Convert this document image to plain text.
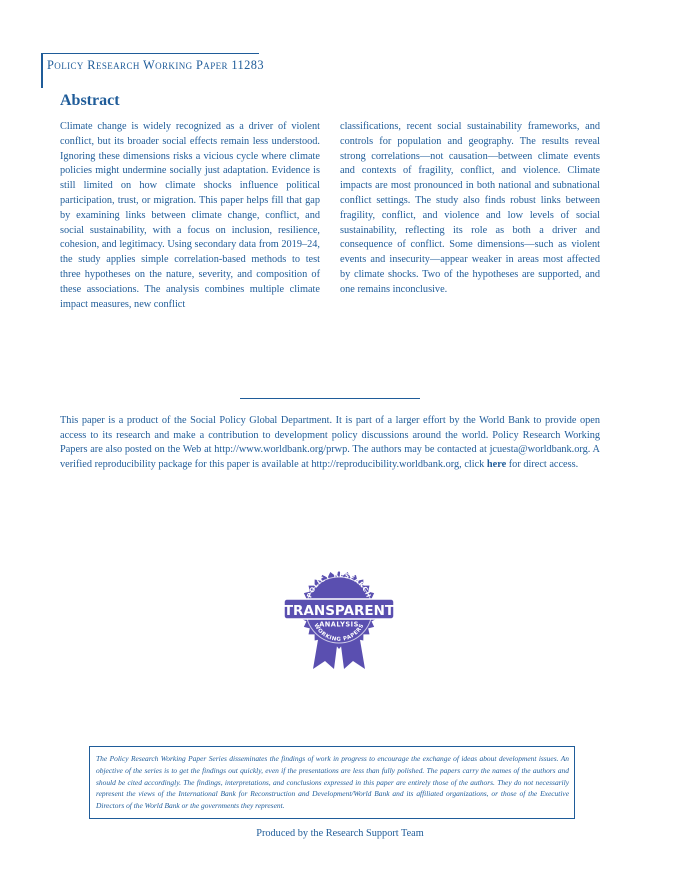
Policy Research Working Paper 11283
Abstract
Climate change is widely recognized as a driver of violent conflict, but its broader social effects remain less understood. Ignoring these dimensions risks a vicious cycle where climate policies might undermine socially just adaptation. Evidence is still limited on how climate shocks influence political participation, trust, or migration. This paper helps fill that gap by examining links between climate change, conflict, and social sustainability, with a focus on inclusion, resilience, cohesion, and legitimacy. Using secondary data from 2019–24, the study applies simple correlation-based methods to test three hypotheses on the nature, severity, and composition of these associations. The analysis combines multiple climate impact measures, new conflict
classifications, recent social sustainability frameworks, and controls for population and geography. The results reveal strong correlations—not causation—between climate events and contexts of fragility, conflict, and violence. Climate impacts are most pronounced in both national and subnational conflict settings. The study also finds robust links between fragility, conflict, and violence and low levels of social sustainability, reflecting its role as both a driver and consequence of conflict. Some dimensions—such as violent events and insecurity—appear weaker in areas most affected by climate shocks. Two of the hypotheses are supported, and one remains inconclusive.
This paper is a product of the Social Policy Global Department. It is part of a larger effort by the World Bank to provide open access to its research and make a contribution to development policy discussions around the world. Policy Research Working Papers are also posted on the Web at http://www.worldbank.org/prwp. The authors may be contacted at jcuesta@worldbank.org. A verified reproducibility package for this paper is available at http://reproducibility.worldbank.org, click here for direct access.
POLICY RESEARCH
TRANSPARENT
ANALYSIS
WORKING PAPERS
The Policy Research Working Paper Series disseminates the findings of work in progress to encourage the exchange of ideas about development issues. An objective of the series is to get the findings out quickly, even if the presentations are less than fully polished. The papers carry the names of the authors and should be cited accordingly. The findings, interpretations, and conclusions expressed in this paper are entirely those of the authors. They do not necessarily represent the views of the International Bank for Reconstruction and Development/World Bank and its affiliated organizations, or those of the Executive Directors of the World Bank or the governments they represent.
Produced by the Research Support Team
